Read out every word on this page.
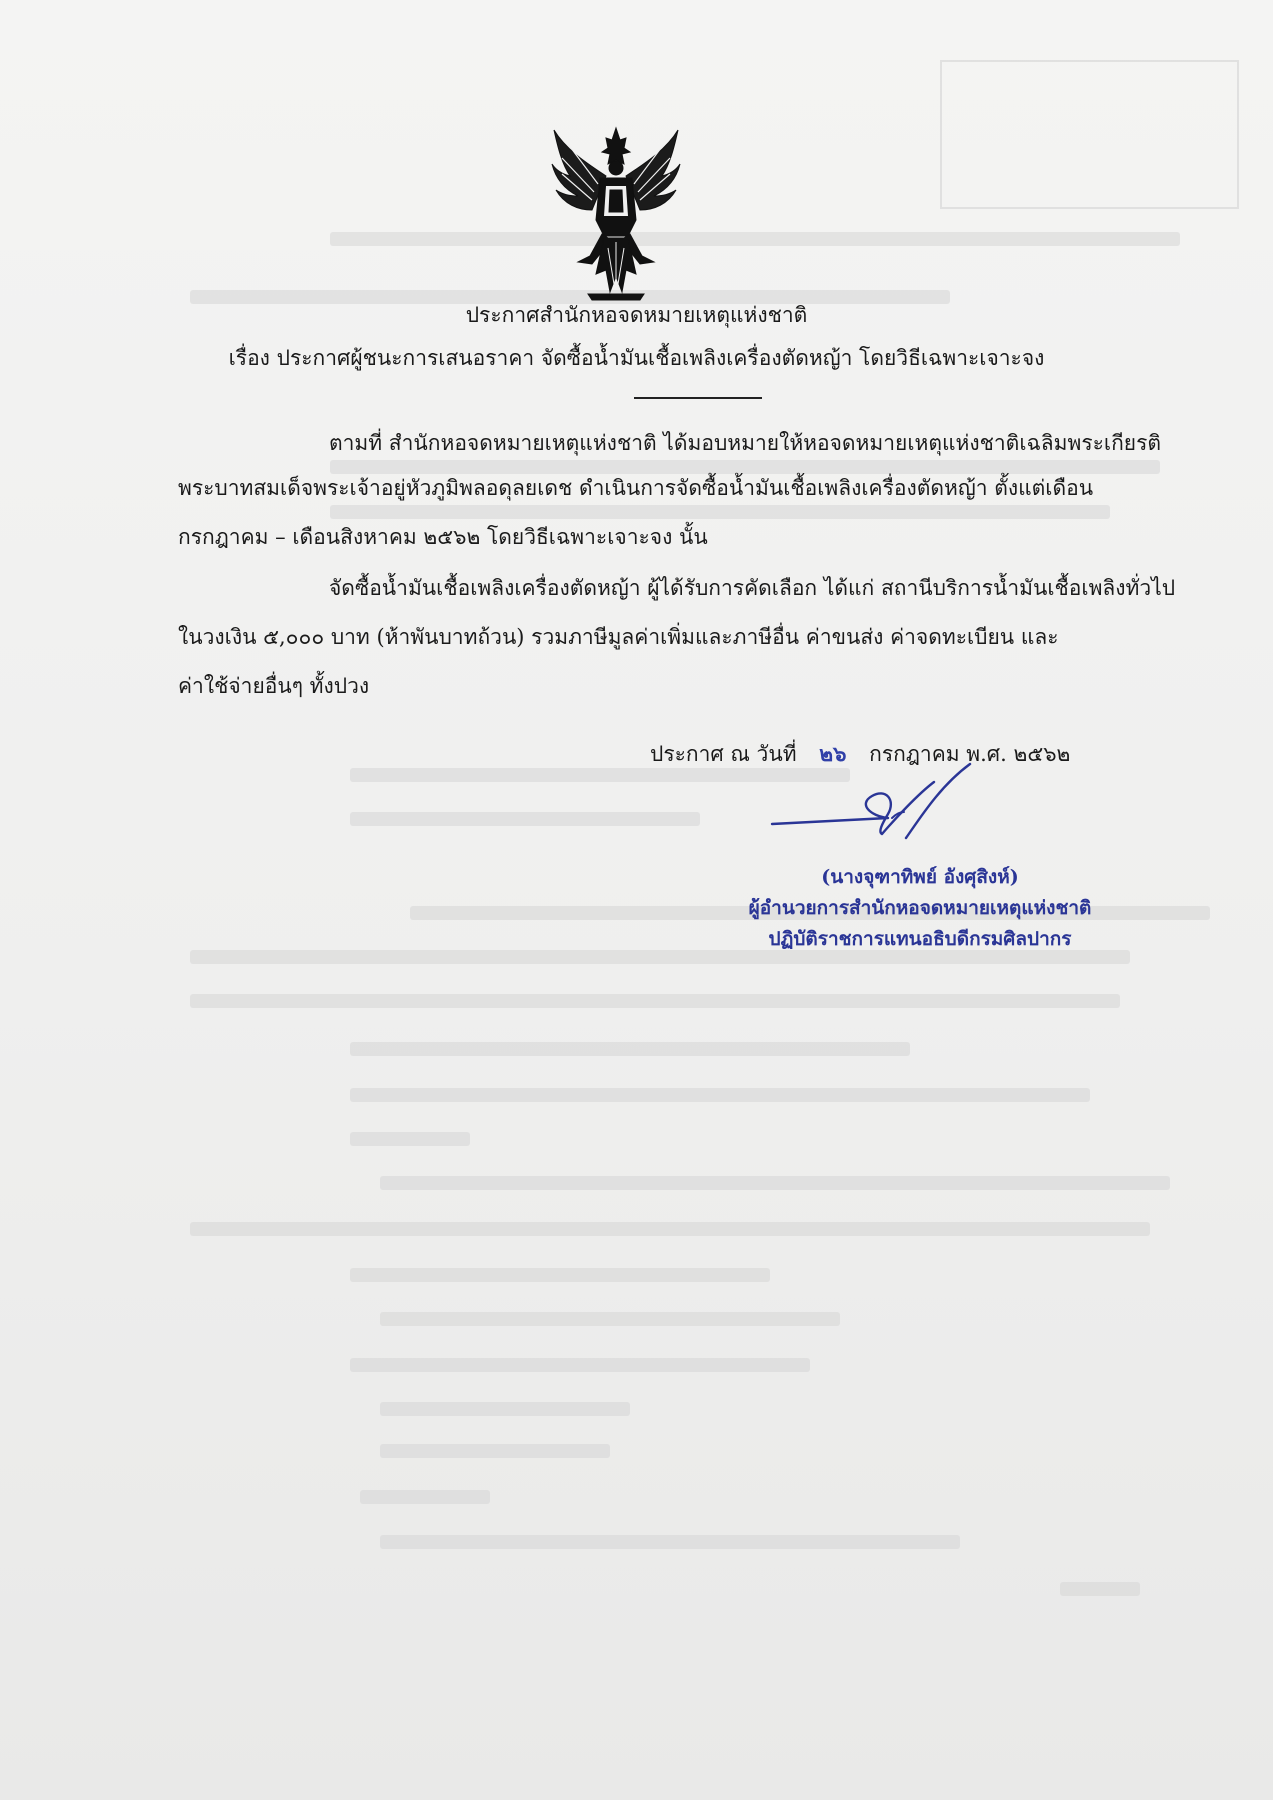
ประกาศสำนักหอจดหมายเหตุแห่งชาติ
เรื่อง ประกาศผู้ชนะการเสนอราคา จัดซื้อน้ำมันเชื้อเพลิงเครื่องตัดหญ้า โดยวิธีเฉพาะเจาะจง
ตามที่ สำนักหอจดหมายเหตุแห่งชาติ ได้มอบหมายให้หอจดหมายเหตุแห่งชาติเฉลิมพระเกียรติ
พระบาทสมเด็จพระเจ้าอยู่หัวภูมิพลอดุลยเดช ดำเนินการจัดซื้อน้ำมันเชื้อเพลิงเครื่องตัดหญ้า ตั้งแต่เดือน
กรกฎาคม – เดือนสิงหาคม ๒๕๖๒ โดยวิธีเฉพาะเจาะจง นั้น
จัดซื้อน้ำมันเชื้อเพลิงเครื่องตัดหญ้า ผู้ได้รับการคัดเลือก ได้แก่ สถานีบริการน้ำมันเชื้อเพลิงทั่วไป
ในวงเงิน ๕,๐๐๐ บาท (ห้าพันบาทถ้วน) รวมภาษีมูลค่าเพิ่มและภาษีอื่น ค่าขนส่ง ค่าจดทะเบียน และ
ค่าใช้จ่ายอื่นๆ ทั้งปวง
ประกาศ ณ วันที่ ๒๖ กรกฎาคม พ.ศ. ๒๕๖๒
(นางจุฑาทิพย์ อังศุสิงห์)
ผู้อำนวยการสำนักหอจดหมายเหตุแห่งชาติ
ปฏิบัติราชการแทนอธิบดีกรมศิลปากร
